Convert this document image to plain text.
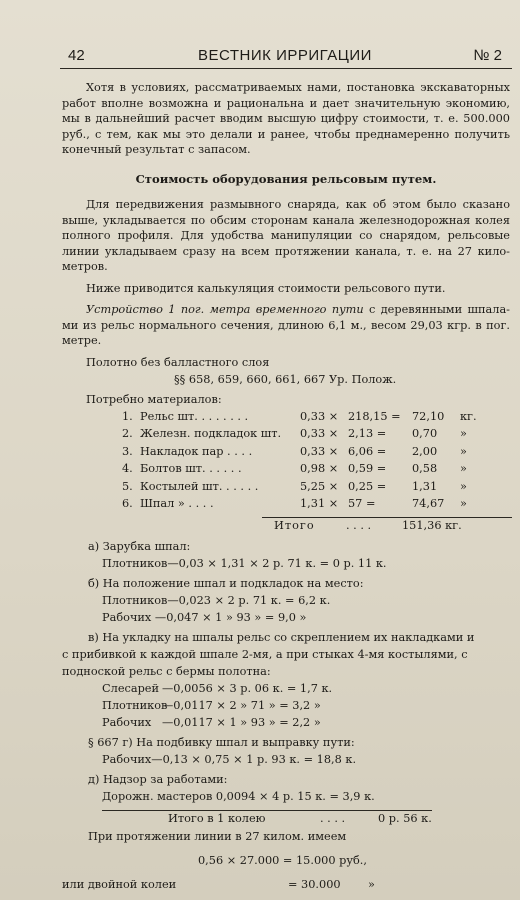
42	ВЕСТНИК ИРРИГАЦИИ	№ 2
Хотя в условиях, рассматриваемых нами, постановка экскаваторных работ вполне возможна и рациональна и дает значительную экономию, мы в дальнейший расчет вводим высшую цифру стоимости, т. е. 500.000 руб., с тем, как мы это делали и ранее, чтобы преднамеренно получить конечный результат с запасом.
Стоимость оборудования рельсовым путем.
Для передвижения размывного снаряда, как об этом было сказано выше, укладывается по обсим сторонам канала железнодорожная колея полного профиля. Для удобства манипуляции со снарядом, рельсовые линии укладываем сразу на всем протяжении канала, т. е. на 27 кило- метров.
Ниже приводится калькуляция стоимости рельсового пути.
Устройство 1 пог. метра временного пути с деревянными шпала- ми из рельс нормального сечения, длиною 6,1 м., весом 29,03 кгр. в пог. метре.
Полотно без балластного слоя
§§ 658, 659, 660, 661, 667 Ур. Полож.
Потребно материалов:
1. Рельс шт. . . . . . . .	0,33 × 218,15 = 72,10 кг.
2. Железн. подкладок шт. 0,33 × 2,13 = 0,70 »
3. Накладок пар . . . .	0,33 × 6,06 = 2,00 »
4. Болтов шт. . . . . .	0,98 × 0,59 = 0,58 »
5. Костылей шт. . . . . .	5,25 × 0,25 = 1,31 »
6. Шпал » . . . .	1,31 × 57 =	74,67 »
Итого	. . . .	151,36 кг.
а) Зарубка шпал:
Плотников—0,03 × 1,31 × 2 р. 71 к. = 0 р. 11 к.
б) На положение шпал и подкладок на место:
Плотников—0,023 × 2 р. 71 к. = 6,2 к.
Рабочих —0,047 × 1 » 93 » = 9,0 »
в) На укладку на шпалы рельс со скреплением их накладками и
с прибивкой к каждой шпале 2-мя, а при стыках 4-мя костылями, с
подноской рельс с бермы полотна:
Слесарей —0,0056 × 3 р. 06 к. = 1,7 к.
Плотников
—0,0117 × 2 » 71 » = 3,2 »
Рабочих —0,0117 × 1 » 93 » = 2,2 »
§ 667 г) На подбивку шпал и выправку пути:
Рабочих—0,13 × 0,75 × 1 р. 93 к. = 18,8 к.
д) Надзор за работами:
Дорожн. мастеров 0,0094 × 4 р. 15 к. = 3,9 к.
Итого в 1 колею	. . . .	0 р. 56 к.
При протяжении линии в 27 килом. имеем
0,56 × 27.000 = 15.000 руб.,
или двойной колеи	= 30.000 »
